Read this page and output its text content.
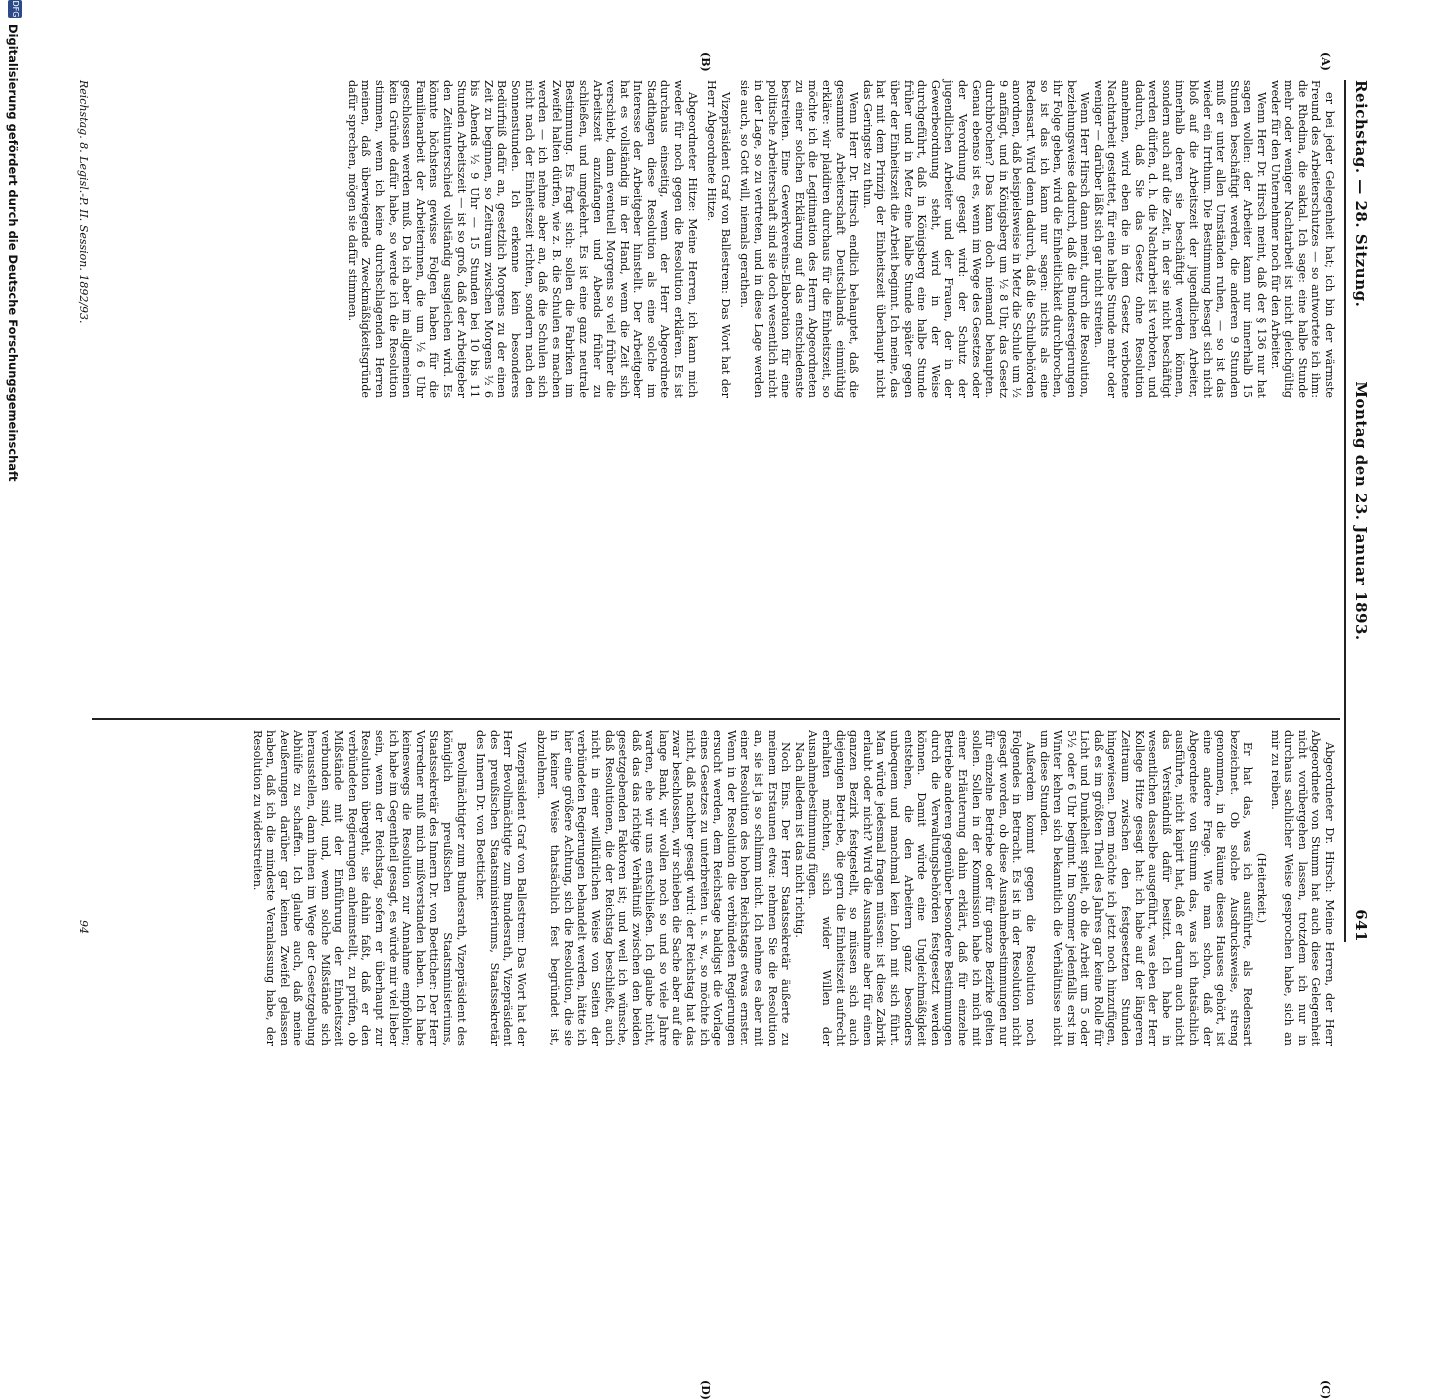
Reichstag. — 28. Sitzung.
Montag den 23. Januar 1893.
641
(A)
(B)
(C)
(D)

er bei jeder Gelegenheit hat; ich bin der wärmste Freund des Arbeiterschutzes — so antwortete ich ihm: die Rhedina, die saktal. Ich sage: eine halbe Stunde mehr oder weniger Nachtarbeit ist nicht gleichgültig weder für den Unternehmer noch für den Arbeiter.

Wenn Herr Dr. Hirsch meint, daß der § 136 nur hat sagen wollen: der Arbeiter kann nur innerhalb 15 Stunden beschäftigt werden, die anderen 9 Stunden muß er unter allen Umständen ruhen, — so ist das wieder ein Irrthum. Die Bestimmung besagt sich nicht bloß auf die Arbeitszeit der jugendlichen Arbeiter, innerhalb deren sie beschäftigt werden können, sondern auch auf die Zeit, in der sie nicht beschäftigt werden dürfen, d. h. die Nachtarbeit ist verboten, und dadurch, daß Sie das Gesetz ohne Resolution annehmen, wird eben die in dem Gesetz verbotene Nachtarbeit gestattet, für eine halbe Stunde mehr oder weniger — darüber läßt sich gar nicht streiten.

Wenn Herr Hirsch dann meint, durch die Resolution, beziehungsweise dadurch, daß die Bundesregierungen ihr Folge geben, wird die Einheitlichkeit durchbrochen, so ist das ich kann nur sagen: nichts als eine Redensart. Wird denn dadurch, daß die Schulbehörden anordnen, daß beispielsweise in Metz die Schule um ½ 9 anfängt, und in Königsberg um ½ 8 Uhr, das Gesetz durchbrochen? Das kann doch niemand behaupten. Genau ebenso ist es, wenn im Wege des Gesetzes oder der Verordnung gesagt wird: der Schutz der jugendlichen Arbeiter und der Frauen, der in der Gewerbeordnung steht, wird in der Weise durchgeführt, daß in Königsberg eine halbe Stunde früher und in Metz eine halbe Stunde später gegen über der Einheitszeit die Arbeit beginnt. Ich meine, das hat mit dem Prinzip der Einheitszeit überhaupt nicht das Geringste zu thun.

Wenn Herr Dr. Hirsch endlich behauptet, daß die gesammte Arbeiterschaft Deutschlands einmüthig erkläre: wir plaidiren durchaus für die Einheitszeit, so möchte ich die Legitimation des Herrn Abgeordneten zu einer solchen Erklärung auf das entschiedenste bestreiten. Eine Gewerkvereins-Elaboration für eine politische Arbeiterschaft sind sie doch wesentlich nicht in der Lage, so zu vertreten, und in diese Lage werden sie auch, so Gott will, niemals gerathen.

Vizepräsident Graf von Ballestrem: Das Wort hat der Herr Abgeordnete Hitze.

Abgeordneter Hitze: Meine Herren, ich kann mich weder für noch gegen die Resolution erklären. Es ist durchaus einseitig, wenn der Herr Abgeordnete Stadthagen diese Resolution als eine solche im Interesse der Arbeitgeber hinstellt. Der Arbeitgeber hat es vollständig in der Hand, wenn die Zeit sich verschiebt, dann eventuell Morgens so viel früher die Arbeitszeit anzufangen und Abends früher zu schließen, und umgekehrt. Es ist eine ganz neutrale Bestimmung. Es fragt sich: sollen die Fabriken im Zweifel halten dürfen, wie z. B. die Schulen es machen werden — ich nehme aber an, daß die Schulen sich nicht nach der Einheitszeit richten, sondern nach den Sonnenstunden. Ich erkenne kein besonderes Bedürfniß dafür an, gesetzlich Morgens zu der einen Zeit zu beginnen, so Zeitraum zwischen Morgens ½ 6 bis Abends ½ 9 Uhr — 15 Stunden bei 10 bis 11 Stunden Arbeitszeit — ist so groß, daß der Arbeitgeber den Zeitunterschied vollständig ausgleichen wird. Es könnte höchstens gewisse Folgen haben für die Familienarbeit der Arbeiterinnen, die um ½ 6 Uhr geschlossen werden muß. Da ich aber im allgemeinen kein Gründe dafür habe, so werde ich die Resolution stimmen, wenn ich keine durchschlagenden Herren meinen, daß überwiegende Zweckmäßigkeitsgründe dafür sprechen, mögen sie dafür stimmen.

Abgeordneter Dr. Hirsch: Meine Herren, der Herr Abgeordnete von Stumm hat auch diese Gelegenheit nicht vorübergehen lassen, trotzdem ich nur in durchaus sachlicher Weise gesprochen habe, sich an mir zu reiben.

(Heiterkeit.)

Er hat das, was ich ausführte, als Redensart bezeichnet. Ob solche Ausdrucksweise, streng genommen, in die Räume dieses Hauses gehört, ist eine andere Frage. Wie man schon, daß der Abgeordnete von Stumm das, was ich thatsächlich ausführte, nicht kapirt hat, daß er darum auch nicht das Verständniß dafür besitzt. Ich habe in wesentlichen dasselbe ausgeführt, was eben der Herr Kollege Hitze gesagt hat: ich habe auf der längeren Zeitraum zwischen den festgesetzten Stunden hingewiesen. Dem möchte ich jetzt noch hinzufügen, daß es im größten Theil des Jahres gar keine Rolle für Licht und Dunkelheit spielt, ob die Arbeit um 5 oder 5½ oder 6 Uhr beginnt. Im Sommer jedenfalls erst im Winter kehren sich bekanntlich die Verhältnisse nicht um diese Stunden.

Außerdem kommt gegen die Resolution noch Folgendes in Betracht. Es ist in der Resolution nicht gesagt worden, ob diese Ausnahmebestimmungen nur für einzelne Betriebe oder für ganze Bezirke gelten sollen. Sollen in der Kommission habe ich mich mit einer Erläuterung dahin erklärt, daß für einzelne Betriebe anderen gegenüber besondere Bestimmungen durch die Verwaltungsbehörden festgesetzt werden können. Damit würde eine Ungleichmäßigkeit entstehen, die den Arbeitern ganz besonders unbequem und manchmal kein Lohn mit sich führt. Man würde jedesmal fragen müssen: ist diese Zabrik erlaubt oder nicht? Wird die Ausnahme aber für einen ganzen Bezirk festgestellt, so müssen sich auch diejenigen Betriebe, die gern die Einheitszeit aufrecht erhalten möchten, sich wider Willen der Ausnahmebestimmung fügen.

Nach alledem ist das nicht richtig.

Noch Eins. Der Herr Staatssekretär äußerte zu meinem Erstaunen etwa: nehmen Sie die Resolution an, sie ist ja so schlimm nicht. Ich nehme es aber mit einer Resolution des hohen Reichstags etwas ernster. Wenn in der Resolution die verbündeten Regierungen ersucht werden, dem Reichstage baldigst die Vorlage eines Gesetzes zu unterbreiten u. s. w., so möchte ich nicht, daß nachher gesagt wird: der Reichstag hat das zwar beschlossen, wir schieben die Sache aber auf die lange Bank, wir wollen noch so und so viele Jahre warten, ehe wir uns entschließen. Ich glaube nicht, daß das das richtige Verhältniß zwischen den beiden gesetzgebenden Faktoren ist; und weil ich wünsche, daß Resolutionen, die der Reichstag beschließt, auch nicht in einer willkürlichen Weise von Seiten der verbündeten Regierungen behandelt werden, hätte ich hier eine größere Achtung, sich die Resolution, die sie in keiner Weise thatsächlich fest begründet ist, abzulehnen.

Vizepräsident Graf von Ballestrem: Das Wort hat der Herr Bevollmächtigte zum Bundesrath, Vizepräsident des preußischen Staatsministeriums, Staatssekretär des Innern Dr. von Boetticher.

Bevollmächtigter zum Bundesrath, Vizepräsident des königlich preußischen Staatsministeriums, Staatssekretär des Innern Dr. von Boetticher: Der Herr Vorredner muß mich mißverstanden haben. Ich habe keineswegs die Resolution zur Annahme empfohlen; ich habe im Gegentheil gesagt, es würde mir viel lieber sein, wenn der Reichstag, sofern er überhaupt zur Resolution übergeht, sie dahin faßt, daß er den verbündeten Regierungen anheimstellt, zu prüfen, ob Mißstände mit der Einführung der Einheitszeit verbunden sind, und, wenn solche Mißstände sich herausstellen, dann ihnen im Wege der Gesetzgebung Abhülfe zu schaffen. Ich glaube auch, daß meine Aeußerungen darüber gar keinen Zweifel gelassen haben, daß ich die mindeste Veranlassung habe, der Resolution zu widerstreiten.

Reichstag. 8. Legisl.-P. II. Session. 1892/93.
94
DFG
Digitalisierung gefördert durch die Deutsche Forschungsgemeinschaft
